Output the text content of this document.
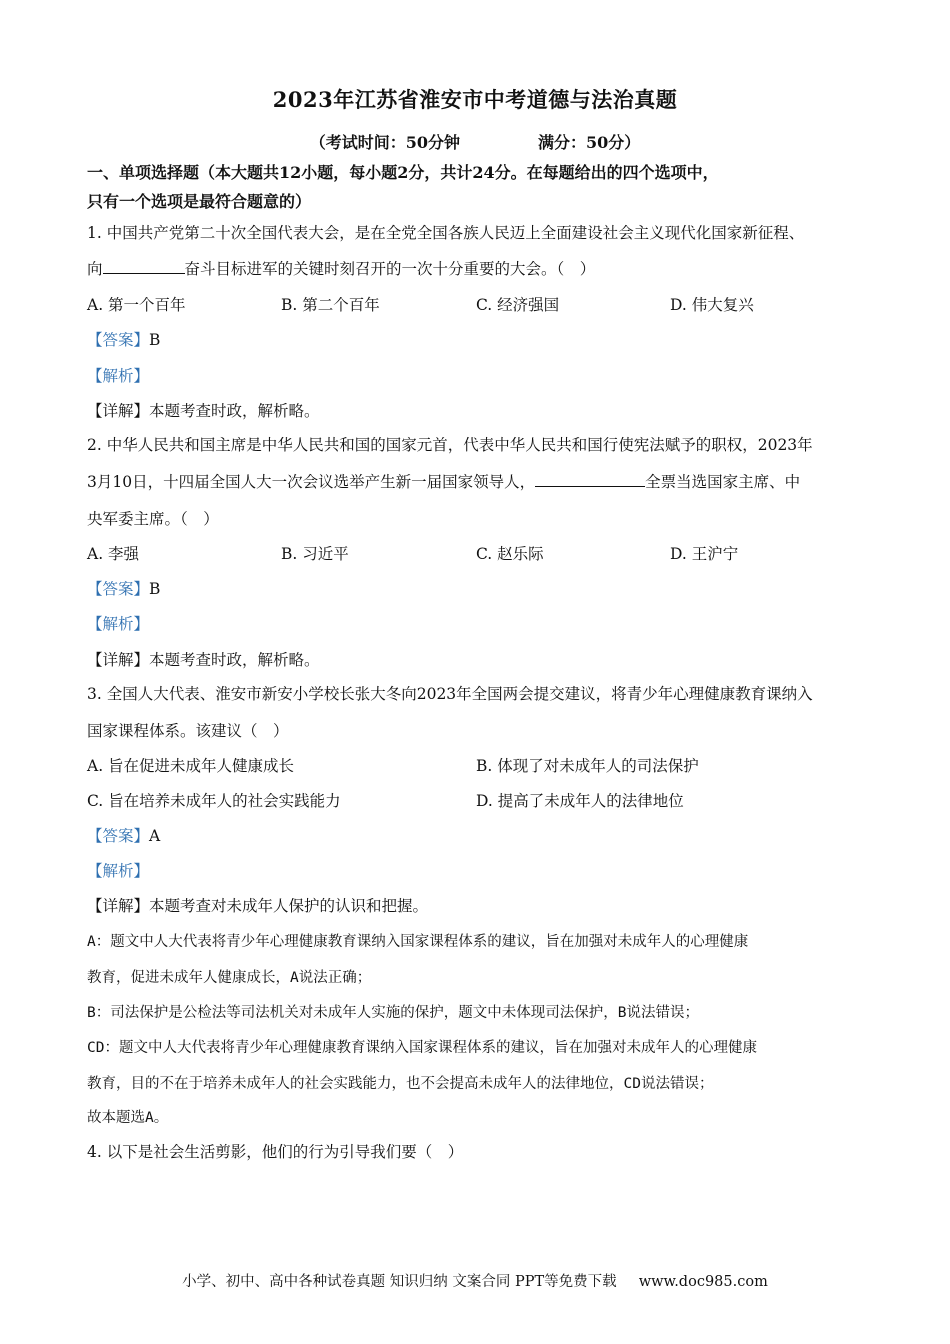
2023年江苏省淮安市中考道德与法治真题
（考试时间：50分钟	满分：50分）
一、单项选择题（本大题共12小题，每小题2分，共计24分。在每题给出的四个选项中，
只有一个选项是最符合题意的）
1. 中国共产党第二十次全国代表大会，是在全党全国各族人民迈上全面建设社会主义现代化国家新征程、
向	奋斗目标进军的关键时刻召开的一次十分重要的大会。（　）
A. 第一个百年	B. 第二个百年	C. 经济强国	D. 伟大复兴
【答案】B
【解析】
【详解】本题考查时政，解析略。
2. 中华人民共和国主席是中华人民共和国的国家元首，代表中华人民共和国行使宪法赋予的职权，2023年
3月10日，十四届全国人大一次会议选举产生新一届国家领导人，	全票当选国家主席、中
央军委主席。（　）
A. 李强	B. 习近平	C. 赵乐际	D. 王沪宁
【答案】B
【解析】
【详解】本题考查时政，解析略。
3. 全国人大代表、淮安市新安小学校长张大冬向2023年全国两会提交建议，将青少年心理健康教育课纳入
国家课程体系。该建议（　）
A. 旨在促进未成年人健康成长	B. 体现了对未成年人的司法保护
C. 旨在培养未成年人的社会实践能力	D. 提高了未成年人的法律地位
【答案】A
【解析】
【详解】本题考查对未成年人保护的认识和把握。
A：题文中人大代表将青少年心理健康教育课纳入国家课程体系的建议，旨在加强对未成年人的心理健康
教育，促进未成年人健康成长，A说法正确；
B：司法保护是公检法等司法机关对未成年人实施的保护，题文中未体现司法保护，B说法错误；
CD：题文中人大代表将青少年心理健康教育课纳入国家课程体系的建议，旨在加强对未成年人的心理健康
教育，目的不在于培养未成年人的社会实践能力，也不会提高未成年人的法律地位，CD说法错误；
故本题选A。
4. 以下是社会生活剪影，他们的行为引导我们要（　）
小学、初中、高中各种试卷真题 知识归纳 文案合同 PPT等免费下载 www.doc985.com
